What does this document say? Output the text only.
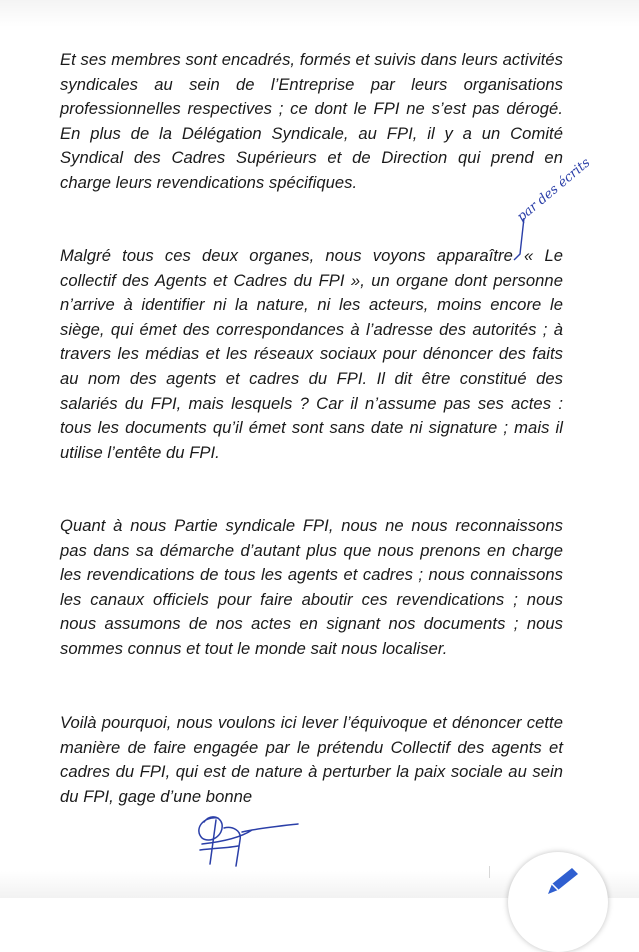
Et ses membres sont encadrés, formés et suivis dans leurs activités syndicales au sein de l’Entreprise par leurs organisations professionnelles respectives ; ce dont le FPI ne s’est pas dérogé. En plus de la Délégation Syndicale, au FPI, il y a un Comité Syndical des Cadres Supérieurs et de Direction qui prend en charge leurs revendications spécifiques.

Malgré tous ces deux organes, nous voyons apparaître « Le collectif des Agents et Cadres du FPI », un organe dont personne n’arrive à identifier ni la nature, ni les acteurs, moins encore le siège, qui émet des correspondances à l’adresse des autorités ; à travers les médias et les réseaux sociaux pour dénoncer des faits au nom des agents et cadres du FPI. Il dit être constitué des salariés du FPI, mais lesquels ? Car il n’assume pas ses actes : tous les documents qu’il émet sont sans date ni signature ; mais il utilise l’entête du FPI.

Quant à nous Partie syndicale FPI, nous ne nous reconnaissons pas dans sa démarche d’autant plus que nous prenons en charge les revendications de tous les agents et cadres ; nous connaissons les canaux officiels pour faire aboutir ces revendications ; nous nous assumons de nos actes en signant nos documents ; nous sommes connus et tout le monde sait nous localiser.

Voilà pourquoi, nous voulons ici lever l’équivoque et dénoncer cette manière de faire engagée par le prétendu Collectif des agents et cadres du FPI, qui est de nature à perturber la paix sociale au sein du FPI, gage d’une bonne

par des écrits
